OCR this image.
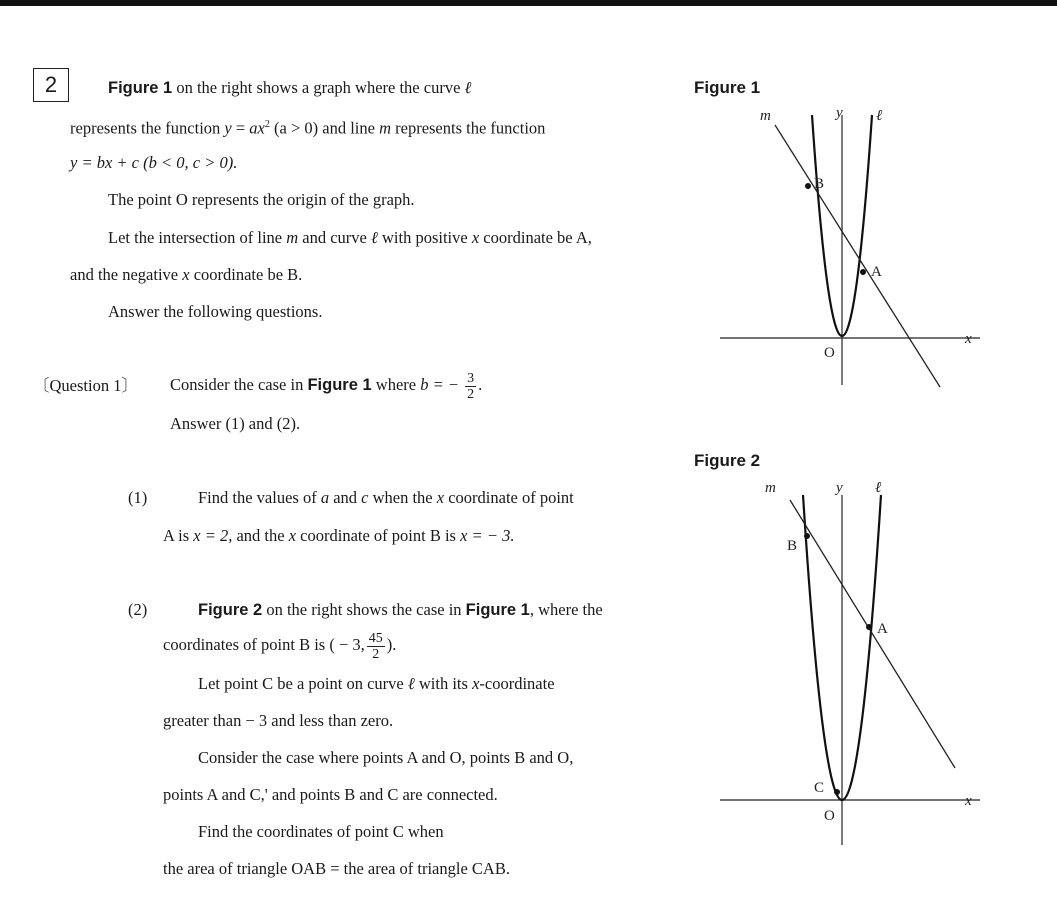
2	Figure 1 on the right shows a graph where the curve ℓ
represents the function $y = ax^2$ (a > 0) and line m represents the function
y = bx + c (b < 0, c > 0).
The point O represents the origin of the graph.
Let the intersection of line m and curve ℓ with positive x coordinate be A,
and the negative x coordinate be B.
Answer the following questions.
〔Question 1〕 Consider the case in Figure 1 where b = − $\frac{3}{2}$ .
Answer (1) and (2).
(1)	Find the values of a and c when the x coordinate of point
A is x = 2, and the x coordinate of point B is x = − 3.
(2)	Figure 2 on the right shows the case in Figure 1, where the
coordinates of point B is ( − 3, $\frac{45}{2}$ ).
Let point C be a point on curve ℓ with its x-coordinate
greater than − 3 and less than zero.
Consider the case where points A and O, points B and O,
points A and C,' and points B and C are connected.
Find the coordinates of point C when
the area of triangle OAB = the area of triangle CAB.
Figure 1
m	y ℓ
B
A
O
x
Figure 2
m	y ℓ
B
A
C
O
x
